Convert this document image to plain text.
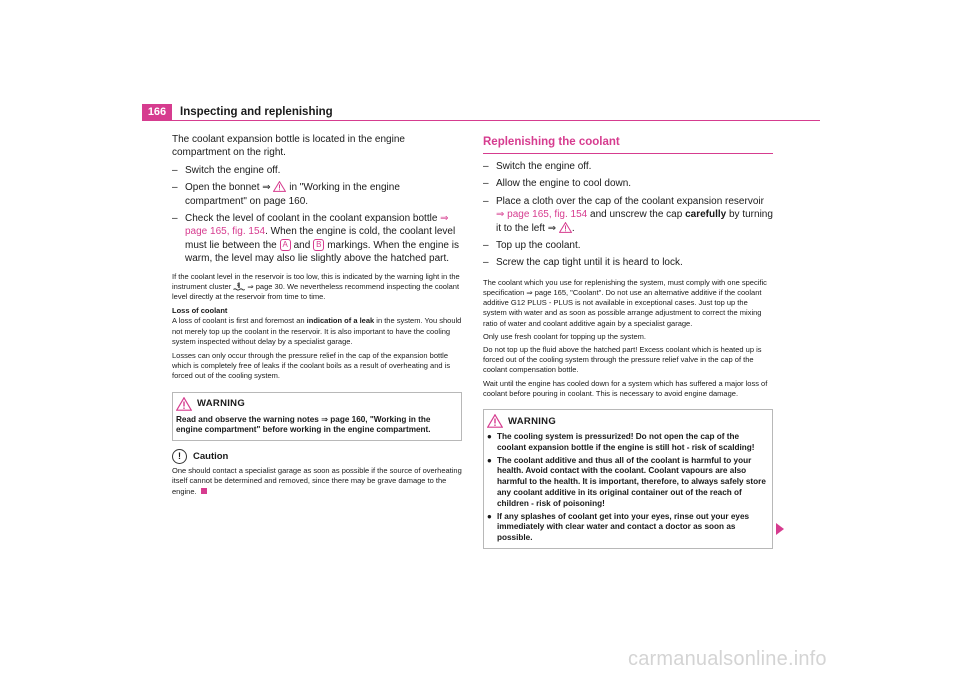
166	Inspecting and replenishing

The coolant expansion bottle is located in the engine compartment on the right.

– Switch the engine off.
– Open the bonnet ⇒ in "Working in the engine compartment" on page 160.
– Check the level of coolant in the coolant expansion bottle ⇒ page 165, fig. 154. When the engine is cold, the coolant level must lie between the A and B markings. When the engine is warm, the level may also lie slightly above the hatched part.

If the coolant level in the reservoir is too low, this is indicated by the warning light in the instrument cluster ⇒ page 30. We nevertheless recommend inspecting the coolant level directly at the reservoir from time to time.

Loss of coolant

A loss of coolant is first and foremost an indication of a leak in the system. You should not merely top up the coolant in the reservoir. It is also important to have the cooling system inspected without delay by a specialist garage.

Losses can only occur through the pressure relief in the cap of the expansion bottle which is completely free of leaks if the coolant boils as a result of overheating and is forced out of the cooling system.

WARNING

Read and observe the warning notes ⇒ page 160, "Working in the engine compartment" before working in the engine compartment.

!	Caution

One should contact a specialist garage as soon as possible if the source of overheating itself cannot be determined and removed, since there may be grave damage to the engine.

Replenishing the coolant
– Switch the engine off.
– Allow the engine to cool down.
– Place a cloth over the cap of the coolant expansion reservoir ⇒ page 165, fig. 154 and unscrew the cap carefully by turning it to the left ⇒ .
– Top up the coolant.
– Screw the cap tight until it is heard to lock.

The coolant which you use for replenishing the system, must comply with one specific specification ⇒ page 165, "Coolant". Do not use an alternative additive if the coolant additive G12 PLUS - PLUS is not available in exceptional cases. Just top up the system with water and as soon as possible arrange adjustment to correct the mixing ratio of water and coolant additive again by a specialist garage.

Only use fresh coolant for topping up the system.

Do not top up the fluid above the hatched part! Excess coolant which is heated up is forced out of the cooling system through the pressure relief valve in the cap of the coolant compensation bottle.

Wait until the engine has cooled down for a system which has suffered a major loss of coolant before pouring in coolant. This is necessary to avoid engine damage.

WARNING
● The cooling system is pressurized! Do not open the cap of the coolant expansion bottle if the engine is still hot - risk of scalding!
● The coolant additive and thus all of the coolant is harmful to your health. Avoid contact with the coolant. Coolant vapours are also harmful to the health. It is important, therefore, to always safely store any coolant additive in its original container out of the reach of children - risk of poisoning!
● If any splashes of coolant get into your eyes, rinse out your eyes immediately with clear water and contact a doctor as soon as possible.
carmanualsonline.info
